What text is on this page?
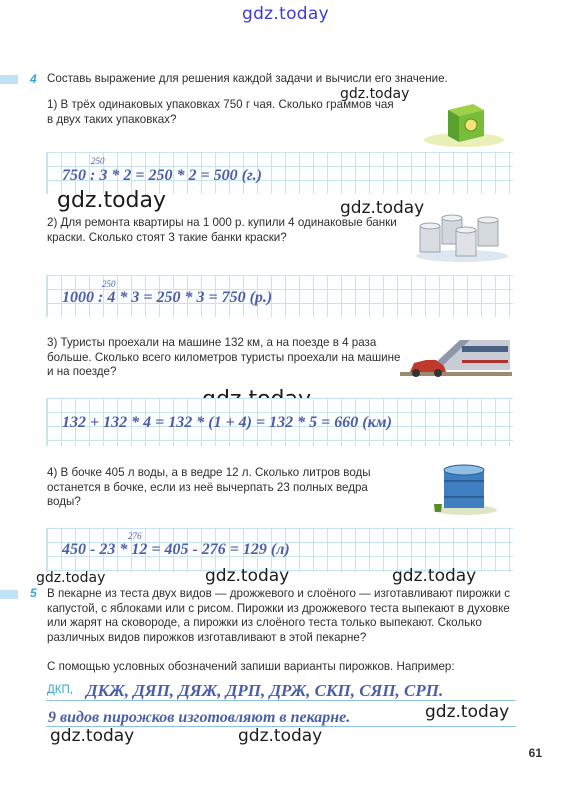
gdz.today
4 Составь выражение для решения каждой задачи и вычисли его значение.
gdz.today
1) В трёх одинаковых упаковках 750 г чая. Сколько граммов чая в двух таких упаковках?
250
750 : 3 * 2 = 250 * 2 = 500 (г.)
gdz.today	gdz.today
2) Для ремонта квартиры на 1 000 р. купили 4 одинаковые банки краски. Сколько стоят 3 такие банки краски?
250
1000 : 4 * 3 = 250 * 3 = 750 (р.)
3) Туристы проехали на машине 132 км, а на поезде в 4 раза больше. Сколько всего километров туристы проехали на машине и на поезде?
132 + 132 * 4 = 132 * (1 + 4) = 132 * 5 = 660 (км)
4) В бочке 405 л воды, а в ведре 12 л. Сколько литров воды останется в бочке, если из неё вычерпать 23 полных ведра воды?
276
450 - 23 * 12 = 405 - 276 = 129 (л)
gdz.today	gdz.today	gdz.today
5 В пекарне из теста двух видов — дрожжевого и слоёного — изготавливают пирожки с капустой, с яблоками или с рисом. Пирожки из дрожжевого теста выпекают в духовке или жарят на сковороде, а пирожки из слоёного теста только выпекают. Сколько различных видов пирожков изготавливают в этой пекарне?
С помощью условных обозначений запиши варианты пирожков. Например:
ДКП, ДКЖ, ДЯП, ДЯЖ, ДРП, ДРЖ, СКП, СЯП, СРП.
9 видов пирожков изготовляют в пекарне.	gdz.today
gdz.today	gdz.today
61
